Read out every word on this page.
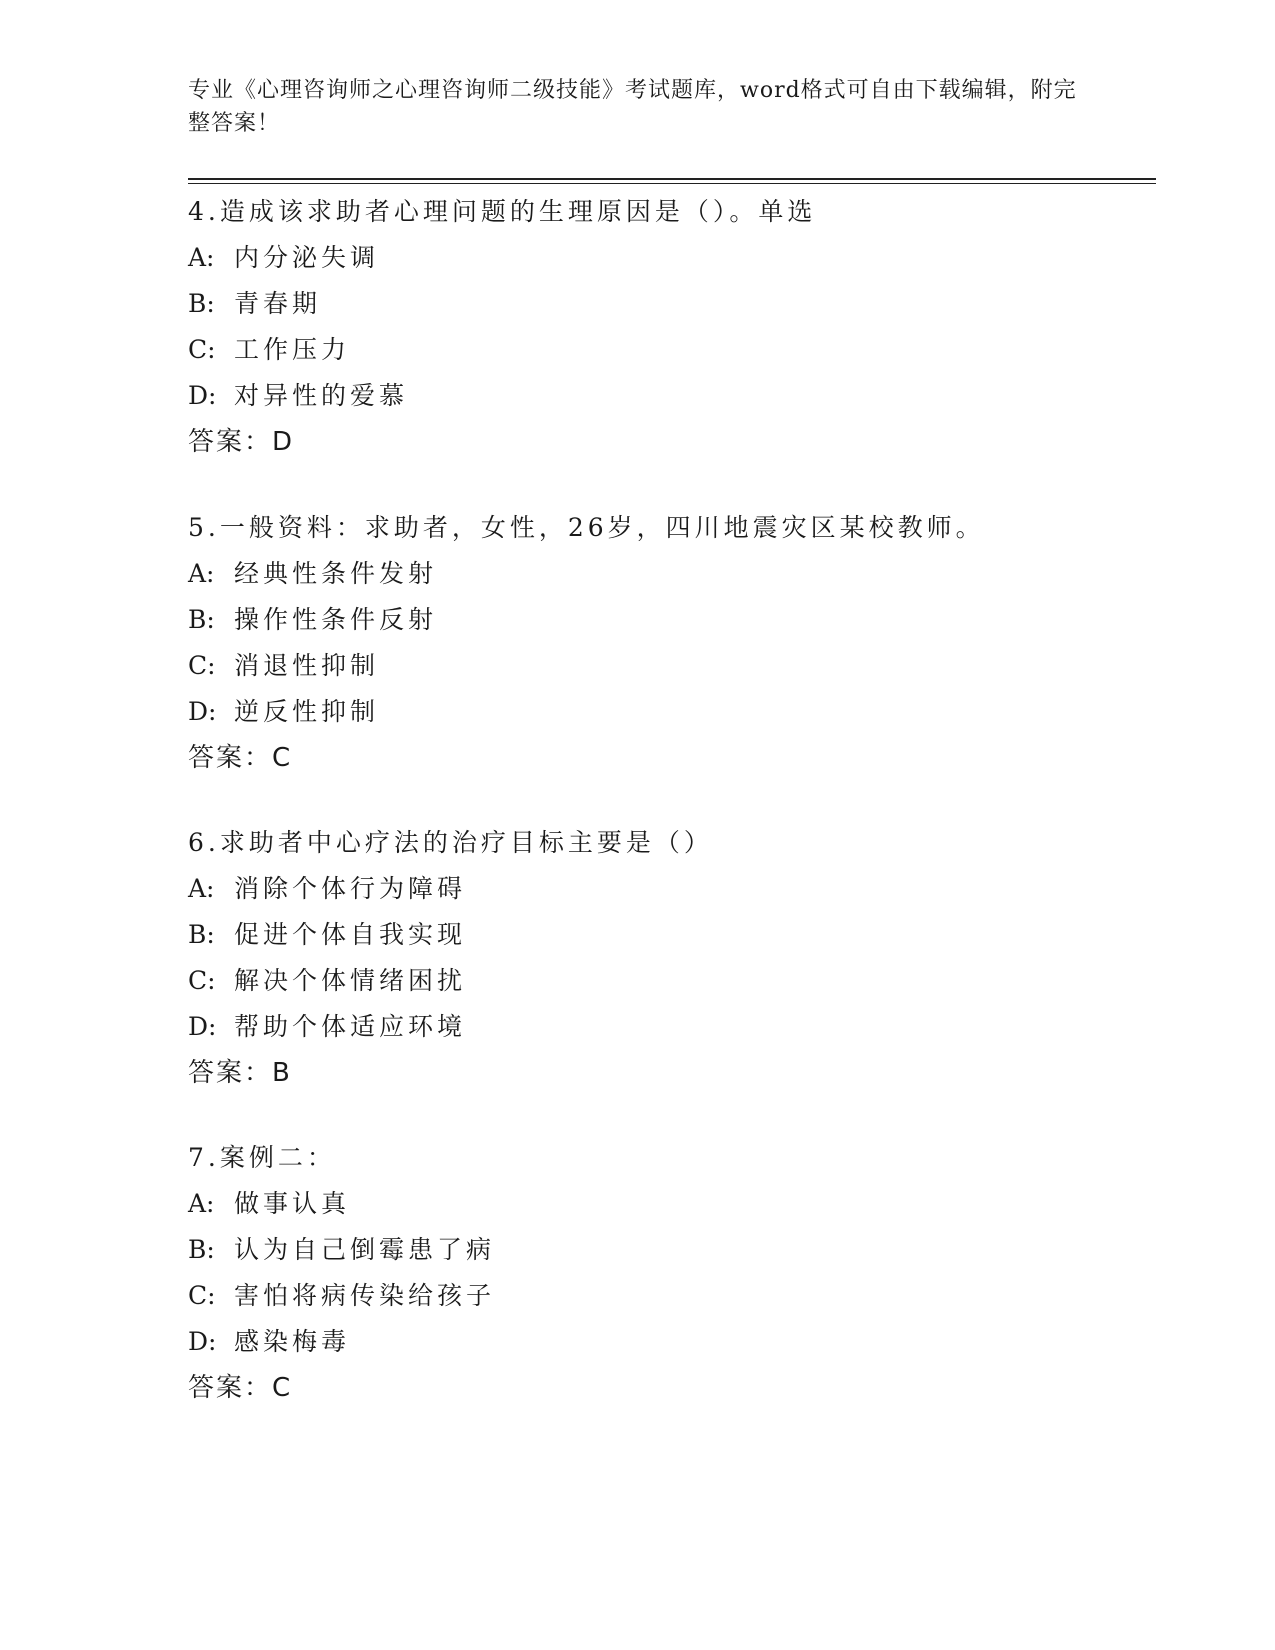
专业《心理咨询师之心理咨询师二级技能》考试题库，word格式可自由下载编辑，附完整答案！
4.造成该求助者心理问题的生理原因是（）。单选
A: 内分泌失调
B: 青春期
C: 工作压力
D: 对异性的爱慕
答案：D
5.一般资料：求助者，女性，26岁，四川地震灾区某校教师。
A: 经典性条件发射
B: 操作性条件反射
C: 消退性抑制
D: 逆反性抑制
答案：C
6.求助者中心疗法的治疗目标主要是（）
A: 消除个体行为障碍
B: 促进个体自我实现
C: 解决个体情绪困扰
D: 帮助个体适应环境
答案：B
7.案例二：
A: 做事认真
B: 认为自己倒霉患了病
C: 害怕将病传染给孩子
D: 感染梅毒
答案：C
